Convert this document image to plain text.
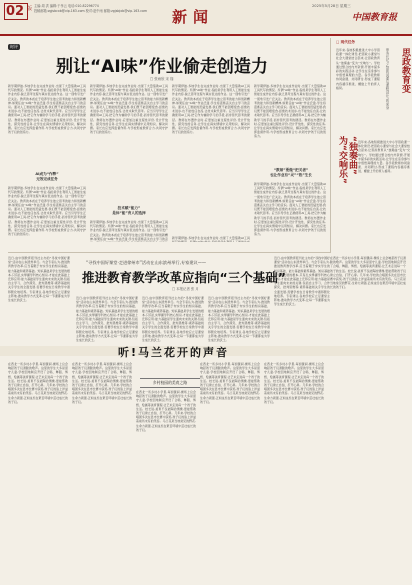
02 版 主编:周 洪 编辑:于孝云 电话:010-82296774
投稿邮箱:zgjsbcxb@vip.163.com 校对:赵中雨 邮箱:zgjsbjxb@vip.163.com 新闻
2025年5月28日 星期三
中国教育报
时评
别让“AI味”作业偷走创造力
□ 张雨欣 宋 翔
新学期伊始,多地学生在完成作业时,出现了大量借助AI工具代写的情况。所谓“AI味”作业,指的是学生利用人工智能生成作业内容,缺乏思考过程与真实表达的作业。这一现象引发广泛关注。教育的本质在于培养学生独立思考的能力和创新精神,如果任由“AI味”作业泛滥,学生将逐渐丧失自主学习的意识。面对人工智能的迅猛发展,我们既不能因噎废食,拒绝技术进步,也不能放任自流,让技术取代思考。应当引导学生正确使用AI工具,把它作为辅助学习的手段,而非替代思考的捷径。教师在布置作业时,应更加注重过程性评价,设计开放性、探究性的任务,让学生在真实情境中运用知识、解决问题。家长也应发挥监督作用,与学校形成教育合力,共同守护孩子们的创造力。
新学期伊始,多地学生在完成作业时,出现了大量借助AI工具代写的情况。所谓“AI味”作业,指的是学生利用人工智能生成作业内容,缺乏思考过程与真实表达的作业。这一现象引发广泛关注。教育的本质在于培养学生独立思考的能力和创新精神,如果任由“AI味”作业泛滥,学生将逐渐丧失自主学习的意识。面对人工智能的迅猛发展,我们既不能因噎废食,拒绝技术进步,也不能放任自流,让技术取代思考。应当引导学生正确使用AI工具,把它作为辅助学习的手段,而非替代思考的捷径。教师在布置作业时,应更加注重过程性评价,设计开放性、探究性的任务,让学生在真实情境中运用知识、解决问题。家长也应发挥监督作用,与学校形成教育合力,共同守护孩子们的创造力。
新学期伊始,多地学生在完成作业时,出现了大量借助AI工具代写的情况。所谓“AI味”作业,指的是学生利用人工智能生成作业内容,缺乏思考过程与真实表达的作业。这一现象引发广泛关注。教育的本质在于培养学生独立思考的能力和创新精神,如果任由“AI味”作业泛滥,学生将逐渐丧失自主学习的意识。面对人工智能的迅猛发展,我们既不能因噎废食,拒绝技术进步,也不能放任自流,让技术取代思考。应当引导学生正确使用AI工具,把它作为辅助学习的手段,而非替代思考的捷径。教师在布置作业时,应更加注重过程性评价,设计开放性、探究性的任务,让学生在真实情境中运用知识、解决问题。家长也应发挥监督作用,与学校形成教育合力,共同守护孩子们的创造力。
新学期伊始,多地学生在完成作业时,出现了大量借助AI工具代写的情况。所谓“AI味”作业,指的是学生利用人工智能生成作业内容,缺乏思考过程与真实表达的作业。这一现象引发广泛关注。教育的本质在于培养学生独立思考的能力和创新精神,如果任由“AI味”作业泛滥,学生将逐渐丧失自主学习的意识。面对人工智能的迅猛发展,我们既不能因噎废食,拒绝技术进步,也不能放任自流,让技术取代思考。应当引导学生正确使用AI工具,把它作为辅助学习的手段,而非替代思考的捷径。教师在布置作业时,应更加注重过程性评价,设计开放性、探究性的任务,让学生在真实情境中运用知识、解决问题。家长也应发挥监督作用,与学校形成教育合力,共同守护孩子们的创造力。
AI成为“作弊”
无效完成任务
新学期伊始,多地学生在完成作业时,出现了大量借助AI工具代写的情况。所谓“AI味”作业,指的是学生利用人工智能生成作业内容,缺乏思考过程与真实表达的作业。这一现象引发广泛关注。教育的本质在于培养学生独立思考的能力和创新精神,如果任由“AI味”作业泛滥,学生将逐渐丧失自主学习的意识。面对人工智能的迅猛发展,我们既不能因噎废食,拒绝技术进步,也不能放任自流,让技术取代思考。应当引导学生正确使用AI工具,把它作为辅助学习的手段,而非替代思考的捷径。教师在布置作业时,应更加注重过程性评价,设计开放性、探究性的任务,让学生在真实情境中运用知识、解决问题。家长也应发挥监督作用,与学校形成教育合力,共同守护孩子们的创造力。
技术赋“能力”
是体“能”育人的选择
新学期伊始,多地学生在完成作业时,出现了大量借助AI工具代写的情况。所谓“AI味”作业,指的是学生利用人工智能生成作业内容,缺乏思考过程与真实表达的作业。这一现象引发广泛关注。教育的本质在于培养学生独立思考的能力和创新精神,如果任由“AI味”作业泛滥,学生将逐渐丧失自主学习的意
“教师”要做“把关者”
也让作业有“灵”“热”生长
新学期伊始,多地学生在完成作业时,出现了大量借助AI工具代写的情况。所谓“AI味”作业,指的是学生利用人工智能生成作业内容,缺乏思考过程与真实表达的作业。这一现象引发广泛关注。教育的本质在于培养学生独立思考的能力和创新精神,如果任由“AI味”作业泛滥,学生将逐渐丧失自主学习的意识。面对人工智能的迅猛发展,我们既不能因噎废食,拒绝技术进步,也不能放任自流,让技术取代思考。应当引导学生正确使用AI工具,把它作为辅助学习的手段,而非替代思考的捷径。教师在布置作业时,应更加注重过程性评价,设计开放性、探究性的任务,让学生在真实情境中运用知识、解决问题。家长也应发挥监督作用,与学校形成教育合力,共同守护孩子们的创造力。
新学期伊始,多地学生在完成作业时,出现了大量借助AI工具
□ 现代任务
近年来,各地积极推进大中小学思政课一体化建设,把思政小课堂与社会大课堂结合起来,让思政教育从“独奏曲”变为“交响乐”。学校通过整合校内外资源,开展丰富多彩的实践活动,让学生在亲身参与中感悟真理的力量。各学段教师协同备课、共同研讨,形成了课程内容循序渐进、螺旋上升的育人格局。	审务长记“乙论的说课与课程设计”的来身 思政教育变
“独奏曲”
为“交响乐”	近年来,各地积极推进大中小学思政课一体化建设,把思政小课堂与社会大课堂结合起来,让思政教育从“独奏曲”变为“交响乐”。学校通过整合校内外资源,开展丰富多彩的实践活动,让学生在亲身参与中感悟真理的力量。各学段教师协同备课、共同研讨,形成了课程内容循序渐进、螺旋上升的育人格局。
近日,由中国教育报刊社主办的“寻找中国好课堂”活动在山东滨州举行。与会专家认为,推进教育教学改革,应当着眼于夯实学生的知识基础、能力基础和素养基础。知识基础是学生发展的根本,只有扎实掌握学科核心知识,才能在此基础上迁移应用;能力基础是学生面向未来的关键,包括自主学习、合作探究、批判思维等;素养基础则关乎学生的全面发展,需要学校在日常教学中潜移默化地培养。专家建议,各地学校应立足课堂主阵地,推动教学方式变革,让每一节课都成为学生成长的沃土。
“寻找中国好课堂·走进徐州市”活动在山东滨州举行,专家建议——
推进教育教学改革应指向“三个基础”
□ 本报记者 张 月
近日,由中国教育报刊社主办的“寻找中国好课堂”活动在山东滨州举行。与会专家认为,推进教育教学改革,应当着眼于夯实学生的知识基础、能力基础和素养基础。知识基础是学生发展的根本,只有扎实掌握学科核心知识,才能在此基础上迁移应用;能力基础是学生面向未来的关键,包括自主学习、合作探究、批判思维等;素养基础则关乎学生的全面发展,需要学校在日常教学中潜移默化地培养。专家建议,各地学校应立足课堂主阵地,推动教学方式变革,让每一节课都成为学生成长的沃土。
近日,由中国教育报刊社主办的“寻找中国好课堂”活动在山东滨州举行。与会专家认为,推进教育教学改革,应当着眼于夯实学生的知识基础、能力基础和素养基础。知识基础是学生发展的根本,只有扎实掌握学科核心知识,才能在此基础上迁移应用;能力基础是学生面向未来的关键,包括自主学习、合作探究、批判思维等;素养基础则关乎学生的全面发展,需要学校在日常教学中潜移默化地培养。专家建议,各地学校应立足课堂主阵地,推动教学方式变革,让每一节课都成为学生成长的沃土。
近日,由中国教育报刊社主办的“寻找中国好课堂”活动在山东滨州举行。与会专家认为,推进教育教学改革,应当着眼于夯实学生的知识基础、能力基础和素养基础。知识基础是学生发展的根本,只有扎实掌握学科核心知识,才能在此基础上迁移应用;能力基础是学生面向未来的关键,包括自主学习、合作探究、批判思维等;素养基础则关乎学生的全面发展,需要学校在日常教学中潜移默化地培养。专家建议,各地学校应立足课堂主阵地,推动教学方式变革,让每一节课都成为学生成长的沃土。
近日,由中国教育报刊社主办的“寻找中国好课堂”活动在山东滨州举行。与会专家认为,推进教育教学改革,应当着眼于夯实学生的知识基础、能力基础和素养基础。知识基础是学生发展的根本,只有扎实掌握学科核心知识,才能在此基础上迁移应用;能力基础是学生面向未来的关键,包括自主学习、合作探究、批判思维等;素养基础则关乎学生的全面发展,需要学校在日常教学中潜移默化地培养。专家建议,各地学校应立足课堂主阵地,推动教学方式变革,让每一节课都成为学生成长的沃土。
听!马兰花开的声音
在西北一所乡村小学里,每到课间,操场上总会响起孩子们清脆的歌声。这里的学生大多是留守儿童,学校因地制宜开设了合唱、舞蹈、剪纸、绘画等美育课程,让艺术走进每一个孩子的生活。校长说,美育不仅能陶冶情操,更能帮助孩子们建立自信、打开心扉。几年来,学校的合唱团多次在县市比赛中获奖,孩子们的脸上洋溢着前所未有的笑容。马兰花是当地常见的野花,生命力顽强,正如这些在艰苦环境中茁壮成长的孩子们。
在西北一所乡村小学里,每到课间,操场上总会响起孩子们清脆的歌声。这里的学生大多是留守儿童,学校因地制宜开设了合唱、舞蹈、剪纸、绘画等美育课程,让艺术走进每一个孩子的生活。校长说,美育不仅能陶冶情操,更能帮助孩子们建立自信、打开心扉。几年来,学校的合唱团多次在县市比赛中获奖,孩子们的脸上洋溢着前所未有的笑容。马兰花是当地常见的野花,生命力顽强,正如这些在艰苦环境中茁壮成长的孩子们。
乡村校园的美育之路
在西北一所乡村小学里,每到课间,操场上总会响起孩子们清脆的歌声。这里的学生大多是留守儿童,学校因地制宜开设了合唱、舞蹈、剪纸、绘画等美育课程,让艺术走进每一个孩子的生活。校长说,美育不仅能陶冶情操,更能帮助孩子们建立自信、打开心扉。几年来,学校的合唱团多次在县市比赛中获奖,孩子们的脸上洋溢着前所未有的笑容。马兰花是当地常见的野花,生命力顽强,正如这些在艰苦环境中茁壮成长的孩子们。
在西北一所乡村小学里,每到课间,操场上总会响起孩子们清脆的歌声。这里的学生大多是留守儿童,学校因地制宜开设了合唱、舞蹈、剪纸、绘画等美育课程,让艺术走进每一个孩子的生活。校长说,美育不仅能陶冶情操,更能帮助孩子们建立自信、打开心扉。几年来,学校的合唱团多次在县市比赛中获奖,孩子们的脸上洋溢着前所未有的笑容。马兰花是当地常见的野花,生命力顽强,正如这些在艰苦环境中茁壮成长的孩子们。
在西北一所乡村小学里,每到课间,操场上总会响起孩子们清脆的歌声。这里的学生大多是留守儿童,学校因地制宜开设了合唱、舞蹈、剪纸、绘画等美育课程,让艺术走进每一个孩子的生活。校长说,美育不仅能陶冶情操,更能帮助孩子们建立自信、打开心扉。几年来,学校的合唱团多次在县市比赛中获奖,孩子们的脸上洋溢着前所未有的笑容。马兰花是当地常见的野花,生命力顽强,正如这些在艰苦环境中茁壮成长的孩子们。
在西北一所乡村小学里,每到课间,操场上总会响起孩子们清脆的歌声。这里的学生大多是留守儿童,学校因地制宜开设了合唱、舞蹈、剪纸、绘画等美育课程,让艺术走进每一个孩子的生活。校长说,美育不仅能陶冶情操,更能帮助孩子们建立自信、打开心扉。几年来,学校的合唱团多次在县市比赛中获奖,孩子们的脸上洋溢着前所未有的笑容。马兰花是当地常见的野花,生命力顽强,正如这些在艰苦环境中茁壮成长的孩子们。
